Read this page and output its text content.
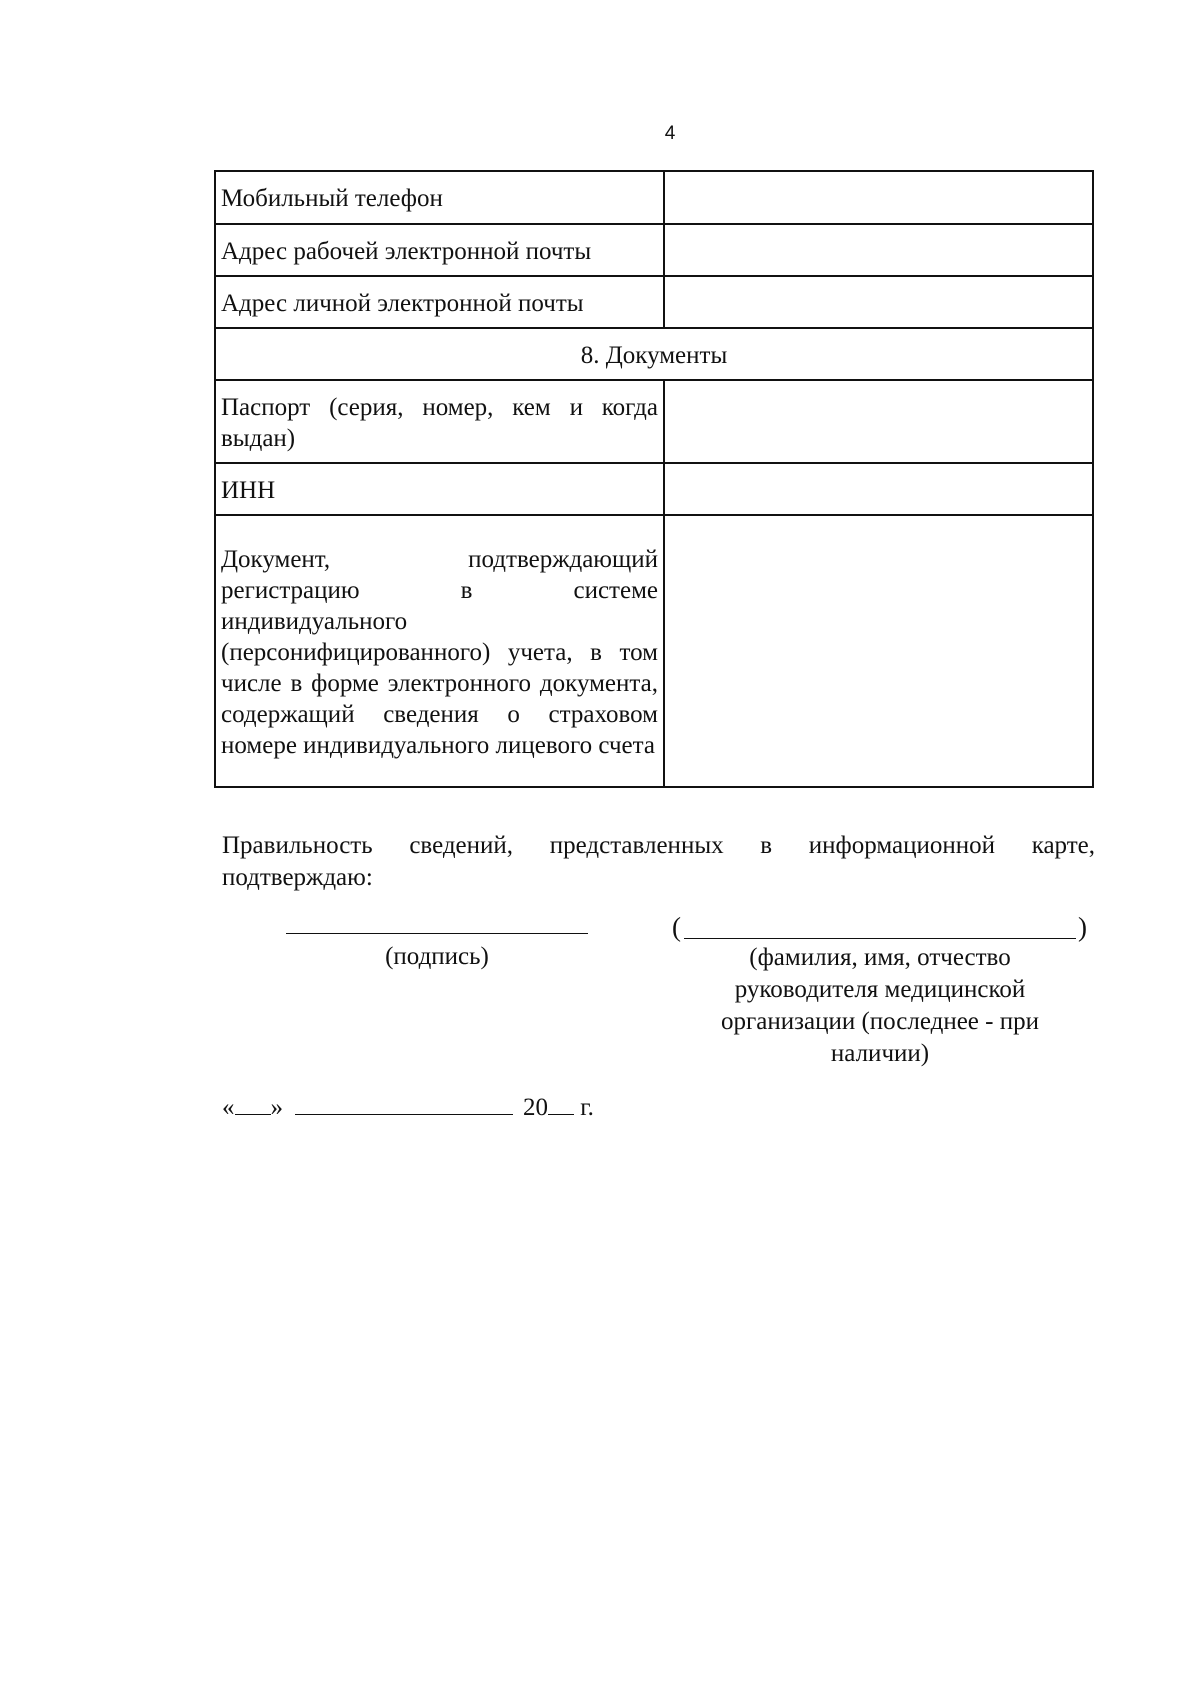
4
Мобильный телефон	
Адрес рабочей электронной почты	
Адрес личной электронной почты	
8. Документы	
Паспорт (серия, номер, кем и когда выдан)	
ИНН	
Документ, подтверждающий регистрацию в системе индивидуального (персонифицированного) учета, в том числе в форме электронного документа, содержащий сведения о страховом номере индивидуального лицевого счета	
Правильность сведений, представленных в информационной карте, подтверждаю:
(подпись)
(	)
(фамилия, имя, отчество руководителя медицинской организации (последнее - при наличии)
« »	20 г.
